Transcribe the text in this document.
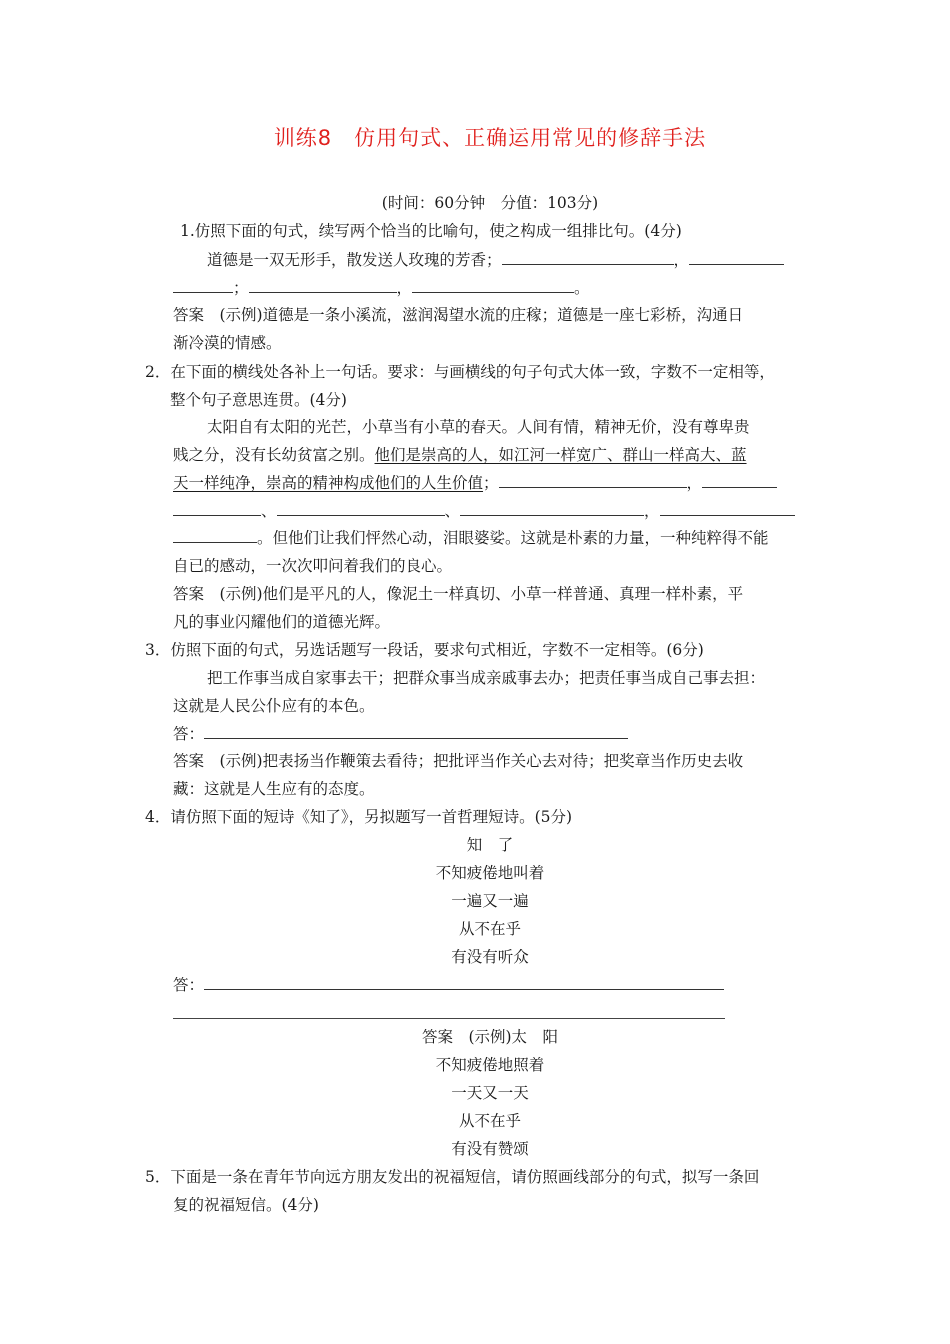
训练8　仿用句式、正确运用常见的修辞手法
(时间：60分钟　分值：103分)
1.仿照下面的句式，续写两个恰当的比喻句，使之构成一组排比句。(4分)
道德是一双无形手，散发送人玫瑰的芳香；	，
；	，	。
答案　(示例)道德是一条小溪流，滋润渴望水流的庄稼；道德是一座七彩桥，沟通日
渐冷漠的情感。
2．在下面的横线处各补上一句话。要求：与画横线的句子句式大体一致，字数不一定相等，
整个句子意思连贯。(4分)
太阳自有太阳的光芒，小草当有小草的春天。人间有情，精神无价，没有尊卑贵
贱之分，没有长幼贫富之别。他们是崇高的人，如江河一样宽广、群山一样高大、蓝
天一样纯净，崇高的精神构成他们的人生价值；	，
、	、	，
。但他们让我们怦然心动，泪眼婆娑。这就是朴素的力量，一种纯粹得不能
自已的感动，一次次叩问着我们的良心。
答案　(示例)他们是平凡的人，像泥土一样真切、小草一样普通、真理一样朴素，平
凡的事业闪耀他们的道德光辉。
3．仿照下面的句式，另选话题写一段话，要求句式相近，字数不一定相等。(6分)
把工作事当成自家事去干；把群众事当成亲戚事去办；把责任事当成自己事去担：
这就是人民公仆应有的本色。
答：
答案　(示例)把表扬当作鞭策去看待；把批评当作关心去对待；把奖章当作历史去收
藏：这就是人生应有的态度。
4．请仿照下面的短诗《知了》，另拟题写一首哲理短诗。(5分)
知　了
不知疲倦地叫着
一遍又一遍
从不在乎
有没有听众
答：
答案　(示例)太　阳
不知疲倦地照着
一天又一天
从不在乎
有没有赞颂
5．下面是一条在青年节向远方朋友发出的祝福短信，请仿照画线部分的句式，拟写一条回
复的祝福短信。(4分)
